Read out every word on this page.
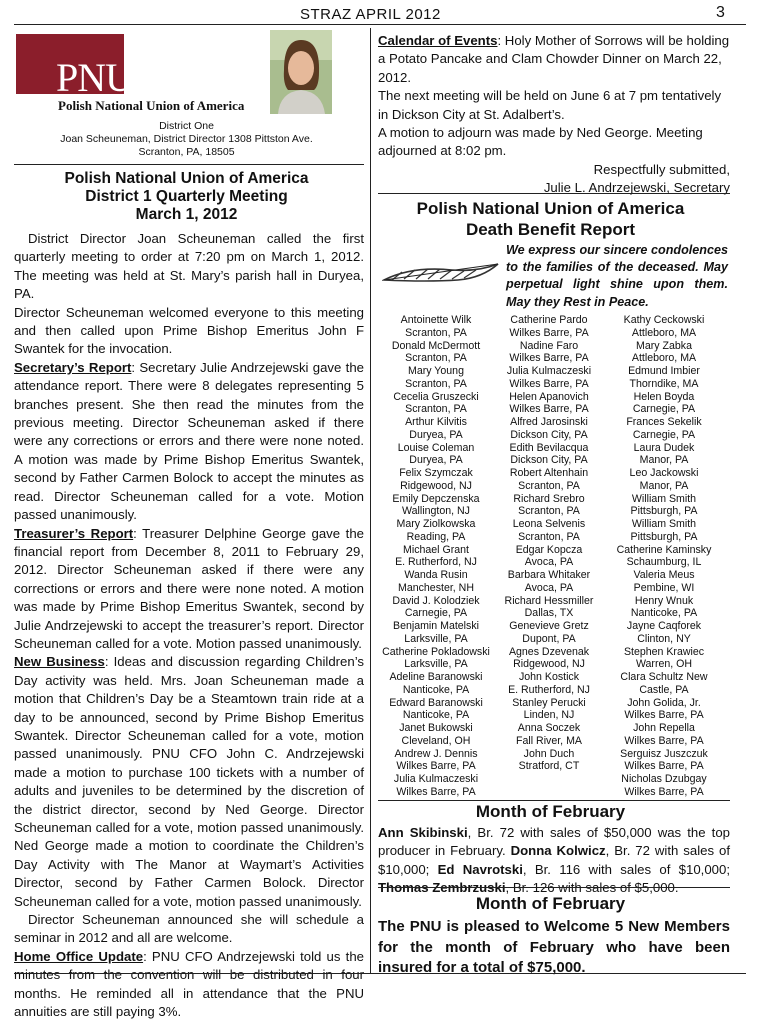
STRAZ APRIL 2012	3
PNU
Polish National Union of America
District One
Joan Scheuneman, District Director 1308 Pittston Ave.
Scranton, PA, 18505
Polish National Union of America
District 1 Quarterly Meeting
March 1, 2012

District Director Joan Scheuneman called the first quarterly meeting to order at 7:20 pm on March 1, 2012. The meeting was held at St. Mary’s parish hall in Duryea, PA.

Director Scheuneman welcomed everyone to this meeting and then called upon Prime Bishop Emeritus John F Swantek for the invocation.

Secretary’s Report: Secretary Julie Andrzejewski gave the attendance report. There were 8 delegates representing 5 branches present. She then read the minutes from the previous meeting. Director Scheuneman asked if there were any corrections or errors and there were none noted. A motion was made by Prime Bishop Emeritus Swantek, second by Father Carmen Bolock to accept the minutes as read. Director Scheuneman called for a vote. Motion passed unanimously.

Treasurer’s Report: Treasurer Delphine George gave the financial report from December 8, 2011 to February 29, 2012. Director Scheuneman asked if there were any corrections or errors and there were none noted. A motion was made by Prime Bishop Emeritus Swantek, second by Julie Andrzejewski to accept the treasurer’s report. Director Scheuneman called for a vote. Motion passed unanimously.

New Business: Ideas and discussion regarding Children’s Day activity was held. Mrs. Joan Scheuneman made a motion that Children’s Day be a Steamtown train ride at a day to be announced, second by Prime Bishop Emeritus Swantek. Director Scheuneman called for a vote, motion passed unanimously. PNU CFO John C. Andrzejewski made a motion to purchase 100 tickets with a number of adults and juveniles to be determined by the discretion of the district director, second by Ned George. Director Scheuneman called for a vote, motion passed unanimously. Ned George made a motion to coordinate the Children’s Day Activity with The Manor at Waymart’s Activities Director, second by Father Carmen Bolock. Director Scheuneman called for a vote, motion passed unanimously.

Director Scheuneman announced she will schedule a seminar in 2012 and all are welcome.

Home Office Update: PNU CFO Andrzejewski told us the minutes from the convention will be distributed in four months. He reminded all in attendance that the PNU annuities are still paying 3%.

Calendar of Events: Holy Mother of Sorrows will be holding a Potato Pancake and Clam Chowder Dinner on March 22, 2012.

The next meeting will be held on June 6 at 7 pm tentatively in Dickson City at St. Adalbert’s.

A motion to adjourn was made by Ned George. Meeting adjourned at 8:02 pm.

Respectfully submitted,

Julie L. Andrzejewski, Secretary

Polish National Union of America
Death Benefit Report
We express our sincere condolences to the families of the deceased. May perpetual light shine upon them. May they Rest in Peace.
Antoinette Wilk
Scranton, PA
Donald McDermott
Scranton, PA
Mary Young
Scranton, PA
Cecelia Gruszecki
Scranton, PA
Arthur Kilvitis
Duryea, PA
Louise Coleman
Duryea, PA
Felix Szymczak
Ridgewood, NJ
Emily Depczenska
Wallington, NJ
Mary Ziolkowska
Reading, PA
Michael Grant
E. Rutherford, NJ
Wanda Rusin
Manchester, NH
David J. Kolodziek
Carnegie, PA
Benjamin Matelski
Larksville, PA
Catherine Pokladowski
Larksville, PA
Adeline Baranowski
Nanticoke, PA
Edward Baranowski
Nanticoke, PA
Janet Bukowski
Cleveland, OH
Andrew J. Dennis
Wilkes Barre, PA
Julia Kulmaczeski
Wilkes Barre, PA
Catherine Pardo
Wilkes Barre, PA
Nadine Faro
Wilkes Barre, PA
Julia Kulmaczeski
Wilkes Barre, PA
Helen Apanovich
Wilkes Barre, PA
Alfred Jarosinski
Dickson City, PA
Edith Bevilacqua
Dickson City, PA
Robert Altenhain
Scranton, PA
Richard Srebro
Scranton, PA
Leona Selvenis
Scranton, PA
Edgar Kopcza
Avoca, PA
Barbara Whitaker
Avoca, PA
Richard Hessmiller
Dallas, TX
Genevieve Gretz
Dupont, PA
Agnes Dzevenak
Ridgewood, NJ
John Kostick
E. Rutherford, NJ
Stanley Perucki
Linden, NJ
Anna Soczek
Fall River, MA
John Duch
Stratford, CT
Kathy Ceckowski
Attleboro, MA
Mary Zabka
Attleboro, MA
Edmund Imbier
Thorndike, MA
Helen Boyda
Carnegie, PA
Frances Sekelik
Carnegie, PA
Laura Dudek
Manor, PA
Leo Jackowski
Manor, PA
William Smith
Pittsburgh, PA
William Smith
Pittsburgh, PA
Catherine Kaminsky
Schaumburg, IL
Valeria Meus
Pembine, WI
Henry Wnuk
Nanticoke, PA
Jayne Caqforek
Clinton, NY
Stephen Krawiec
Warren, OH
Clara Schultz New
Castle, PA
John Golida, Jr.
Wilkes Barre, PA
John Repella
Wilkes Barre, PA
Serguisz Juszczuk
Wilkes Barre, PA
Nicholas Dzubgay
Wilkes Barre, PA
Month of February
Ann Skibinski, Br. 72 with sales of $50,000 was the top producer in February. Donna Kolwicz, Br. 72 with sales of $10,000; Ed Navrotski, Br. 116 with sales of $10,000; Thomas Zembrzuski, Br. 126 with sales of $5,000.
Month of February
The PNU is pleased to Welcome 5 New Members for the month of February who have been insured for a total of $75,000.
